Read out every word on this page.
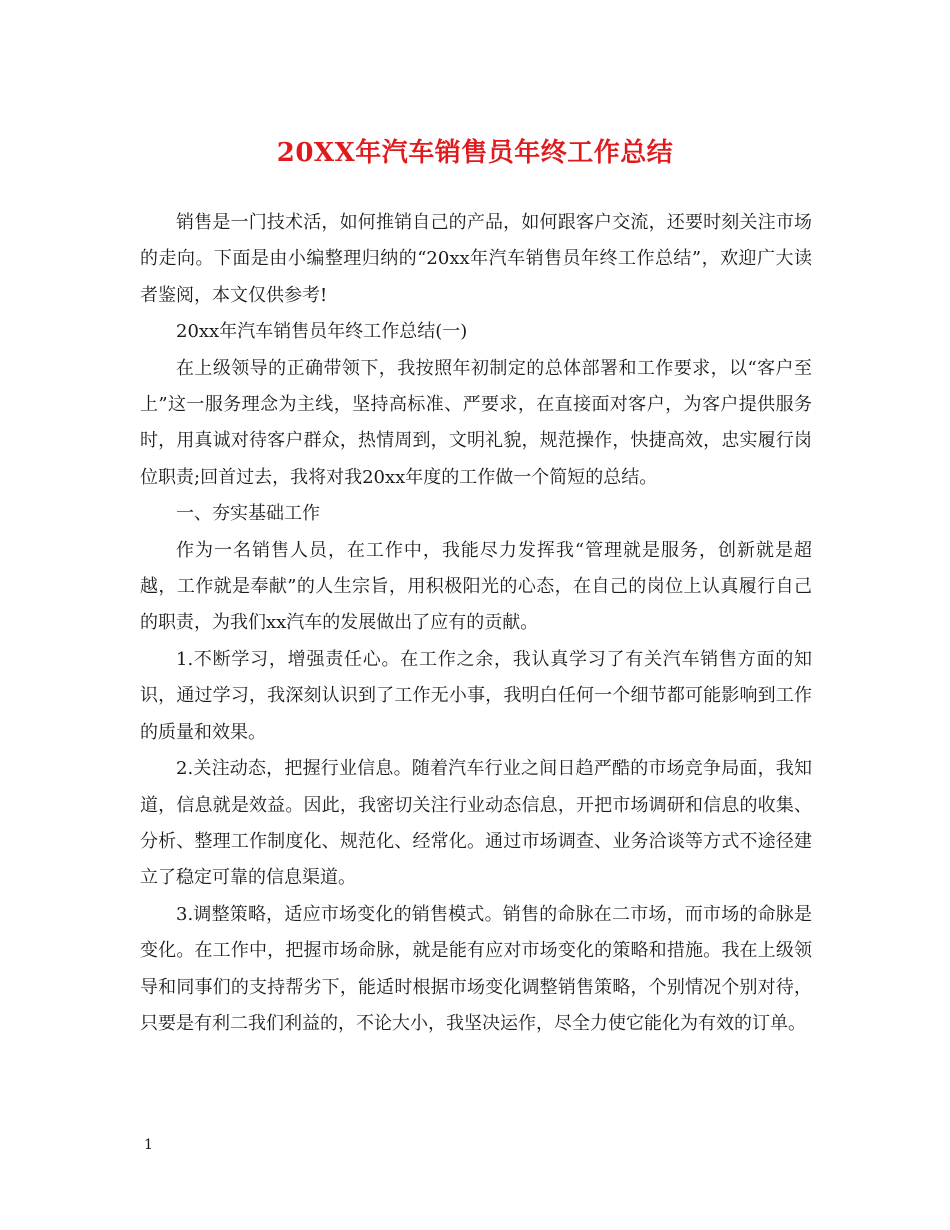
20XX年汽车销售员年终工作总结

销售是一门技术活，如何推销自己的产品，如何跟客户交流，还要时刻关注市场的走向。下面是由小编整理归纳的“20xx年汽车销售员年终工作总结”，欢迎广大读者鉴阅，本文仅供参考!

20xx年汽车销售员年终工作总结(一)

在上级领导的正确带领下，我按照年初制定的总体部署和工作要求，以“客户至上”这一服务理念为主线，坚持高标准、严要求，在直接面对客户，为客户提供服务时，用真诚对待客户群众，热情周到，文明礼貌，规范操作，快捷高效，忠实履行岗位职责;回首过去，我将对我20xx年度的工作做一个简短的总结。

一、夯实基础工作

作为一名销售人员，在工作中，我能尽力发挥我“管理就是服务，创新就是超越，工作就是奉献”的人生宗旨，用积极阳光的心态，在自己的岗位上认真履行自己的职责，为我们xx汽车的发展做出了应有的贡献。

1.不断学习，增强责任心。在工作之余，我认真学习了有关汽车销售方面的知识，通过学习，我深刻认识到了工作无小事，我明白任何一个细节都可能影响到工作的质量和效果。

2.关注动态，把握行业信息。随着汽车行业之间日趋严酷的市场竞争局面，我知道，信息就是效益。因此，我密切关注行业动态信息，开把市场调研和信息的收集、分析、整理工作制度化、规范化、经常化。通过市场调查、业务洽谈等方式不途径建立了稳定可靠的信息渠道。

3.调整策略，适应市场变化的销售模式。销售的命脉在二市场，而市场的命脉是变化。在工作中，把握市场命脉，就是能有应对市场变化的策略和措施。我在上级领导和同事们的支持帮劣下，能适时根据市场变化调整销售策略，个别情况个别对待，只要是有利二我们利益的，不论大小，我坚决运作，尽全力使它能化为有效的订单。

1
